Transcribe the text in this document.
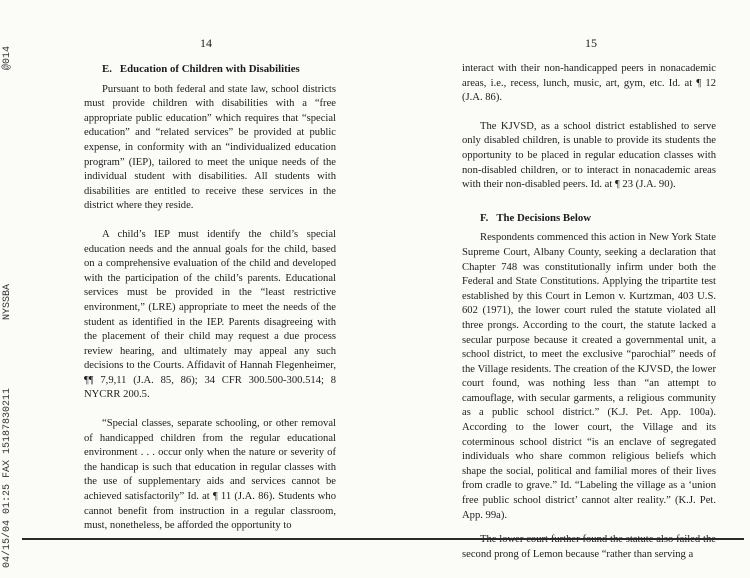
@014
NYSSBA
04/15/04 01:25 FAX 15187830211
14	15
E. Education of Children with Disabilities

Pursuant to both federal and state law, school districts must provide children with disabilities with a “free appropriate public education” which requires that “special education” and “related services” be provided at public expense, in conformity with an “individualized education program” (IEP), tailored to meet the unique needs of the individual student with disabilities. All students with disabilities are entitled to receive these services in the district where they reside.

A child’s IEP must identify the child’s special education needs and the annual goals for the child, based on a comprehensive evaluation of the child and developed with the participation of the child’s parents. Educational services must be provided in the “least restrictive environment,” (LRE) appropriate to meet the needs of the student as identified in the IEP. Parents disagreeing with the placement of their child may request a due process review hearing, and ultimately may appeal any such decisions to the Courts. Affidavit of Hannah Flegenheimer, ¶¶ 7,9,11 (J.A. 85, 86); 34 CFR 300.500-300.514; 8 NYCRR 200.5.

“Special classes, separate schooling, or other removal of handicapped children from the regular educational environment . . . occur only when the nature or severity of the handicap is such that education in regular classes with the use of supplementary aids and services cannot be achieved satisfactorily” Id. at ¶ 11 (J.A. 86). Students who cannot benefit from instruction in a regular classroom, must, nonetheless, be afforded the opportunity to

interact with their non-handicapped peers in nonacademic areas, i.e., recess, lunch, music, art, gym, etc. Id. at ¶ 12 (J.A. 86).

The KJVSD, as a school district established to serve only disabled children, is unable to provide its students the opportunity to be placed in regular education classes with non-disabled children, or to interact in nonacademic areas with their non-disabled peers. Id. at ¶ 23 (J.A. 90).

F. The Decisions Below

Respondents commenced this action in New York State Supreme Court, Albany County, seeking a declaration that Chapter 748 was constitutionally infirm under both the Federal and State Constitutions. Applying the tripartite test established by this Court in Lemon v. Kurtzman, 403 U.S. 602 (1971), the lower court ruled the statute violated all three prongs. According to the court, the statute lacked a secular purpose because it created a governmental unit, a school district, to meet the exclusive “parochial” needs of the Village residents. The creation of the KJVSD, the lower court found, was nothing less than “an attempt to camouflage, with secular garments, a religious community as a public school district.” (K.J. Pet. App. 100a). According to the lower court, the Village and its coterminous school district “is an enclave of segregated individuals who share common religious beliefs which shape the social, political and familial mores of their lives from cradle to grave.” Id. “Labeling the village as a ‘union free public school district’ cannot alter reality.” (K.J. Pet. App. 99a).

second prong of Lemon because “rather than serving a
